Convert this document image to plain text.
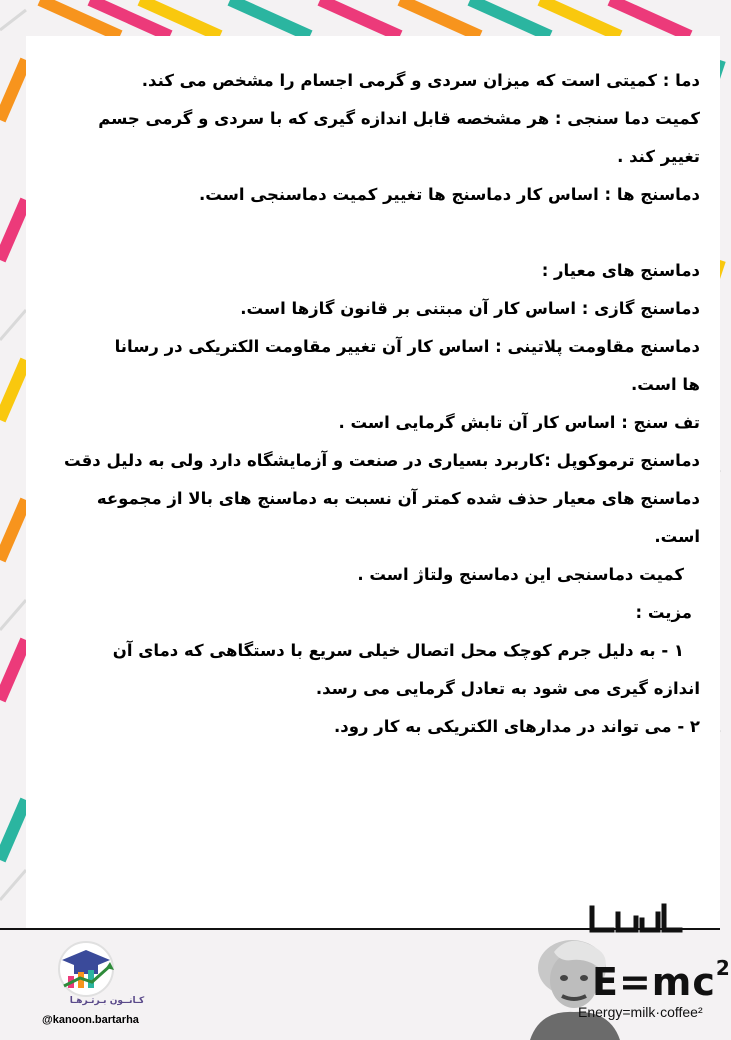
دما : کمیتی است که میزان سردی و گرمی اجسام را مشخص می کند.

کمیت دما سنجی : هر مشخصه قابل اندازه گیری که با سردی و گرمی جسم

تغییر کند .

دماسنج ها : اساس کار دماسنج ها تغییر کمیت دماسنجی است.

دماسنج های معیار :

دماسنج گازی : اساس کار آن مبتنی بر قانون گازها است.

دماسنج مقاومت پلاتینی : اساس کار آن تغییر مقاومت الکتریکی در رسانا

ها است.

تف سنج : اساس کار آن تابش گرمایی است .

دماسنج ترموکوپل :کاربرد بسیاری در صنعت و آزمایشگاه دارد ولی به دلیل دقت

دماسنج های معیار حذف شده کمتر آن نسبت به دماسنج های بالا از مجموعه

است.

کمیت دماسنجی این دماسنج ولتاژ است .

مزیت :

۱ - به دلیل جرم کوچک محل اتصال خیلی سریع با دستگاهی که دمای آن

اندازه گیری می شود به تعادل گرمایی می رسد.

۲ - می تواند در مدارهای الکتریکی به کار رود.

$E=mc^2$
Energy=milk·coffee²
کـانــون بـرتـرهـا
@kanoon.bartarha
